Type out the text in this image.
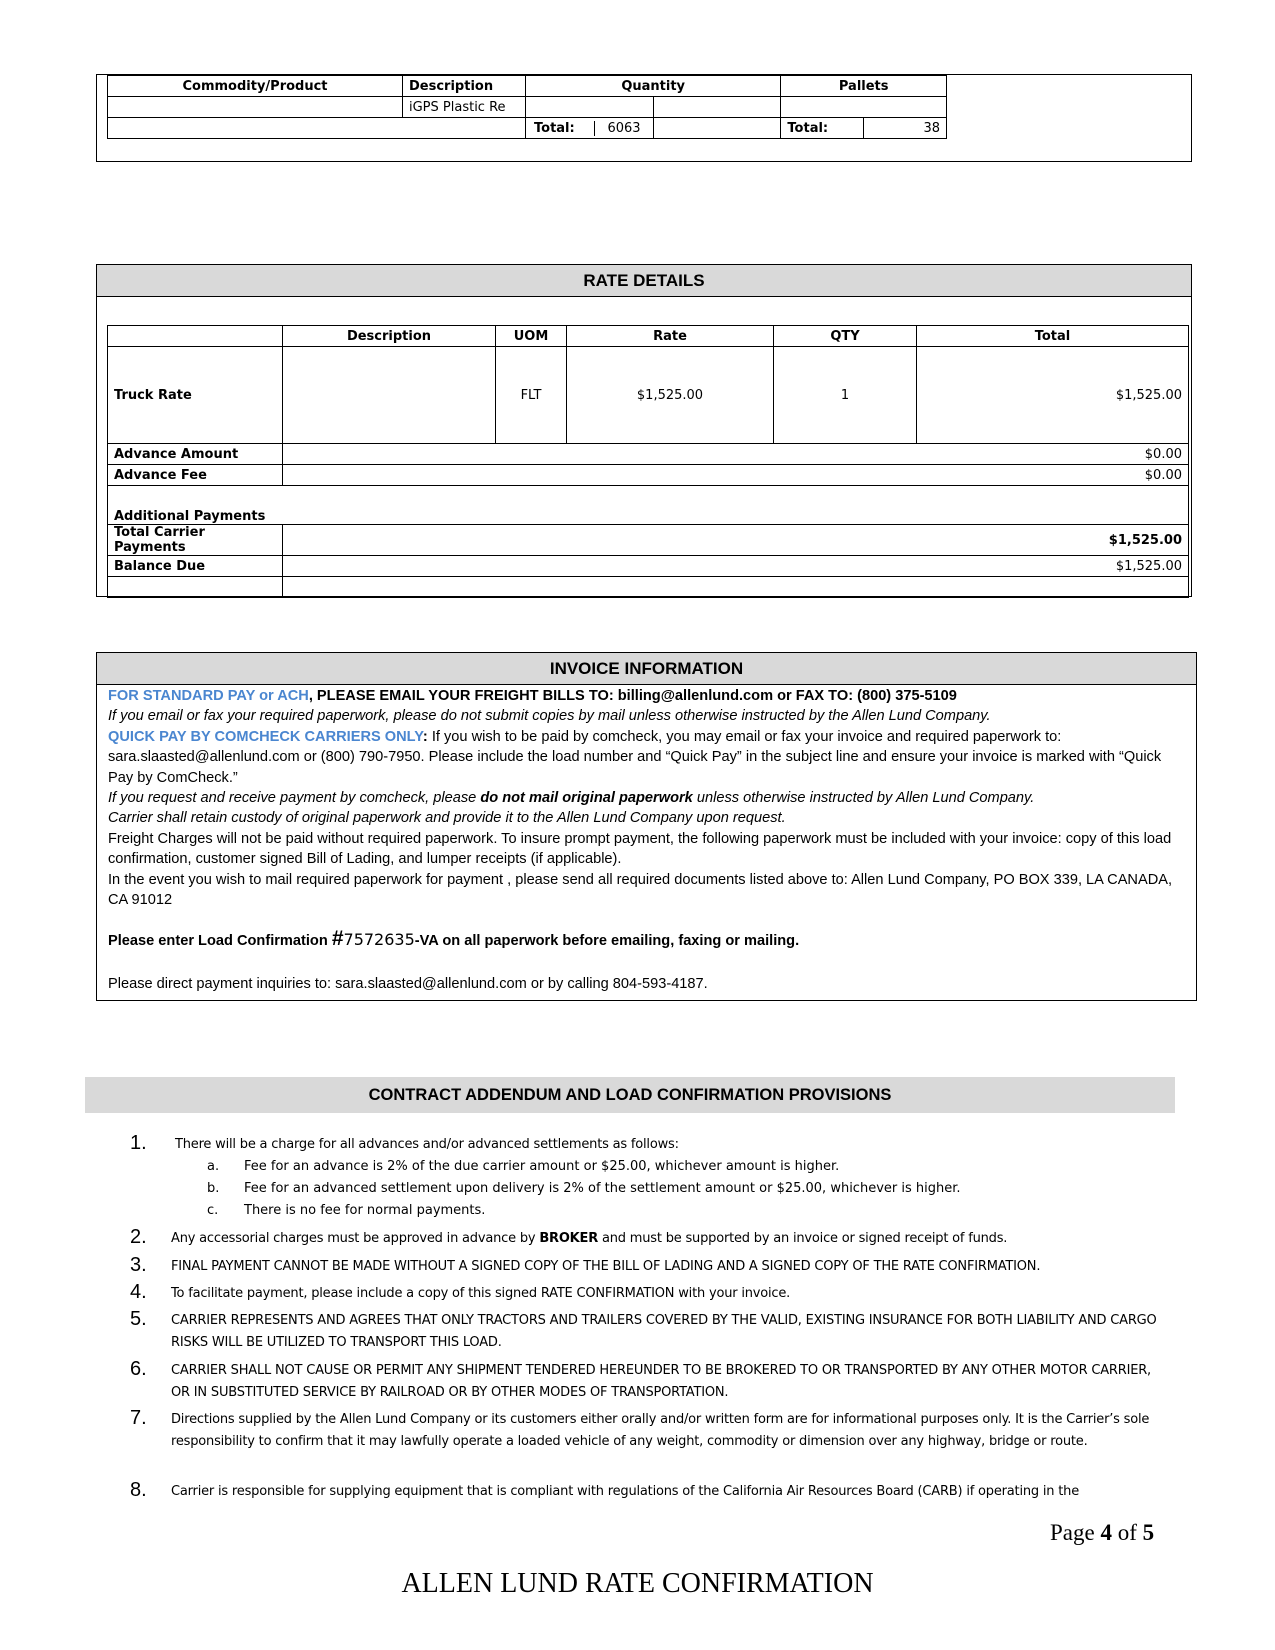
Commodity/Product	Description	Quantity		Pallets	
	iGPS Plastic Re				
		Total: 6063		Total:	38
RATE DETAILS
	Description	UOM	Rate	QTY	Total
Truck Rate		FLT	$1,525.00	1	$1,525.00
Advance Amount	$0.00				
Advance Fee	$0.00				
Additional Payments					
Total Carrier Payments	$1,525.00				
Balance Due	$1,525.00				

INVOICE INFORMATION

FOR STANDARD PAY or ACH, PLEASE EMAIL YOUR FREIGHT BILLS TO: billing@allenlund.com or FAX TO: (800) 375-5109

If you email or fax your required paperwork, please do not submit copies by mail unless otherwise instructed by the Allen Lund Company.

QUICK PAY BY COMCHECK CARRIERS ONLY: If you wish to be paid by comcheck, you may email or fax your invoice and required paperwork to: sara.slaasted@allenlund.com or (800) 790-7950. Please include the load number and “Quick Pay” in the subject line and ensure your invoice is marked with “Quick Pay by ComCheck.”

If you request and receive payment by comcheck, please do not mail original paperwork unless otherwise instructed by Allen Lund Company.

Carrier shall retain custody of original paperwork and provide it to the Allen Lund Company upon request.

Freight Charges will not be paid without required paperwork. To insure prompt payment, the following paperwork must be included with your invoice: copy of this load confirmation, customer signed Bill of Lading, and lumper receipts (if applicable).

In the event you wish to mail required paperwork for payment , please send all required documents listed above to: Allen Lund Company, PO BOX 339, LA CANADA, CA 91012

Please enter Load Confirmation #7572635-VA on all paperwork before emailing, faxing or mailing.

Please direct payment inquiries to: sara.slaasted@allenlund.com or by calling 804-593-4187.

CONTRACT ADDENDUM AND LOAD CONFIRMATION PROVISIONS
1. There will be a charge for all advances and/or advanced settlements as follows:
a. Fee for an advance is 2% of the due carrier amount or $25.00, whichever amount is higher.
b. Fee for an advanced settlement upon delivery is 2% of the settlement amount or $25.00, whichever is higher.
c. There is no fee for normal payments.
2. Any accessorial charges must be approved in advance by BROKER and must be supported by an invoice or signed receipt of funds.
3. FINAL PAYMENT CANNOT BE MADE WITHOUT A SIGNED COPY OF THE BILL OF LADING AND A SIGNED COPY OF THE RATE CONFIRMATION.
4. To facilitate payment, please include a copy of this signed RATE CONFIRMATION with your invoice.
5. CARRIER REPRESENTS AND AGREES THAT ONLY TRACTORS AND TRAILERS COVERED BY THE VALID, EXISTING INSURANCE FOR BOTH LIABILITY AND CARGO RISKS WILL BE UTILIZED TO TRANSPORT THIS LOAD.
6. CARRIER SHALL NOT CAUSE OR PERMIT ANY SHIPMENT TENDERED HEREUNDER TO BE BROKERED TO OR TRANSPORTED BY ANY OTHER MOTOR CARRIER, OR IN SUBSTITUTED SERVICE BY RAILROAD OR BY OTHER MODES OF TRANSPORTATION.
7. Directions supplied by the Allen Lund Company or its customers either orally and/or written form are for informational purposes only. It is the Carrier’s sole responsibility to confirm that it may lawfully operate a loaded vehicle of any weight, commodity or dimension over any highway, bridge or route.
8. Carrier is responsible for supplying equipment that is compliant with regulations of the California Air Resources Board (CARB) if operating in the
Page 4 of 5
ALLEN LUND RATE CONFIRMATION
